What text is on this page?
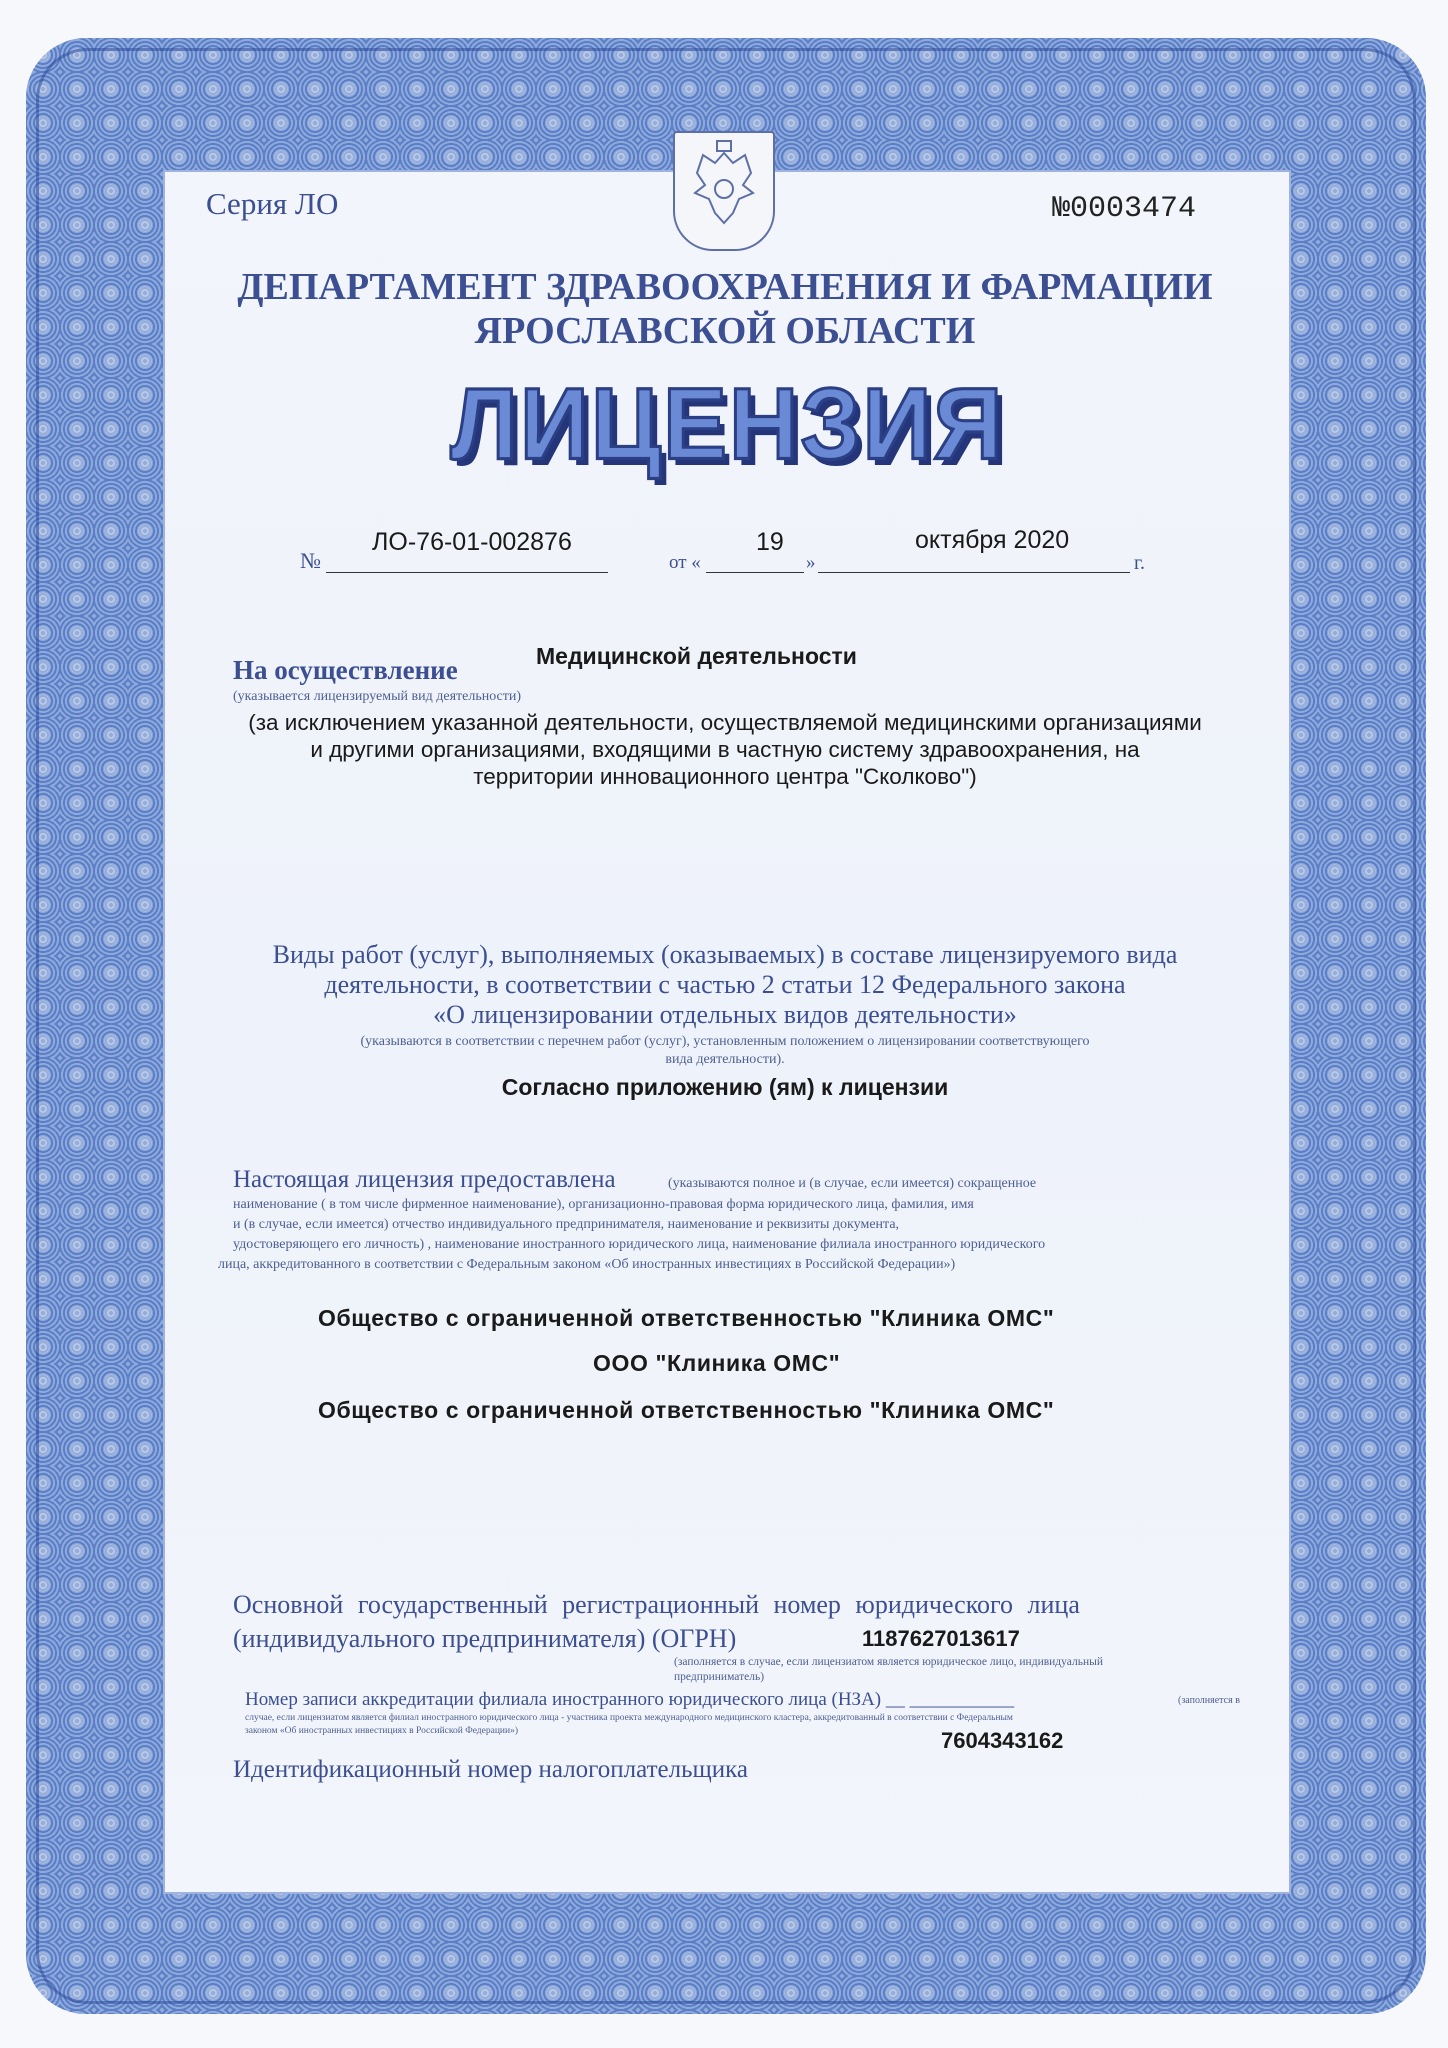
Серия ЛО	№0003474
ДЕПАРТАМЕНТ ЗДРАВООХРАНЕНИЯ И ФАРМАЦИИ
ЯРОСЛАВСКОЙ ОБЛАСТИ
ЛИЦЕНЗИЯ
№
ЛО-76-01-002876
от «
19
»
октября 2020
г.
На осуществление	Медицинской деятельности
(указывается лицензируемый вид деятельности)
(за исключением указанной деятельности, осуществляемой медицинскими организациями
и другими организациями, входящими в частную систему здравоохранения, на
территории инновационного центра "Сколково")
Виды работ (услуг), выполняемых (оказываемых) в составе лицензируемого вида
деятельности, в соответствии с частью 2 статьи 12 Федерального закона
«О лицензировании отдельных видов деятельности»
(указываются в соответствии с перечнем работ (услуг), установленным положением о лицензировании соответствующего
вида деятельности).
Согласно приложению (ям) к лицензии
Настоящая лицензия предоставлена	(указываются полное и (в случае, если имеется) сокращенное
наименование ( в том числе фирменное наименование), организационно-правовая форма юридического лица, фамилия, имя
и (в случае, если имеется) отчество индивидуального предпринимателя, наименование и реквизиты документа,
удостоверяющего его личность) , наименование иностранного юридического лица, наименование филиала иностранного юридического
лица, аккредитованного в соответствии с Федеральным законом «Об иностранных инвестициях в Российской Федерации»)
Общество с ограниченной ответственностью "Клиника ОМС"
ООО "Клиника ОМС"
Общество с ограниченной ответственностью "Клиника ОМС"
Основной государственный регистрационный номер юридического лица
(индивидуального предпринимателя) (ОГРН)	1187627013617
(заполняется в случае, если лицензиатом является юридическое лицо, индивидуальный
предприниматель)
Номер записи аккредитации филиала иностранного юридического лица (НЗА) __ ___________	(заполняется в
случае, если лицензиатом является филиал иностранного юридического лица - участника проекта международного медицинского кластера, аккредитованный в соответствии с Федеральным
законом «Об иностранных инвестициях в Российской Федерации»)	7604343162
Идентификационный номер налогоплательщика
